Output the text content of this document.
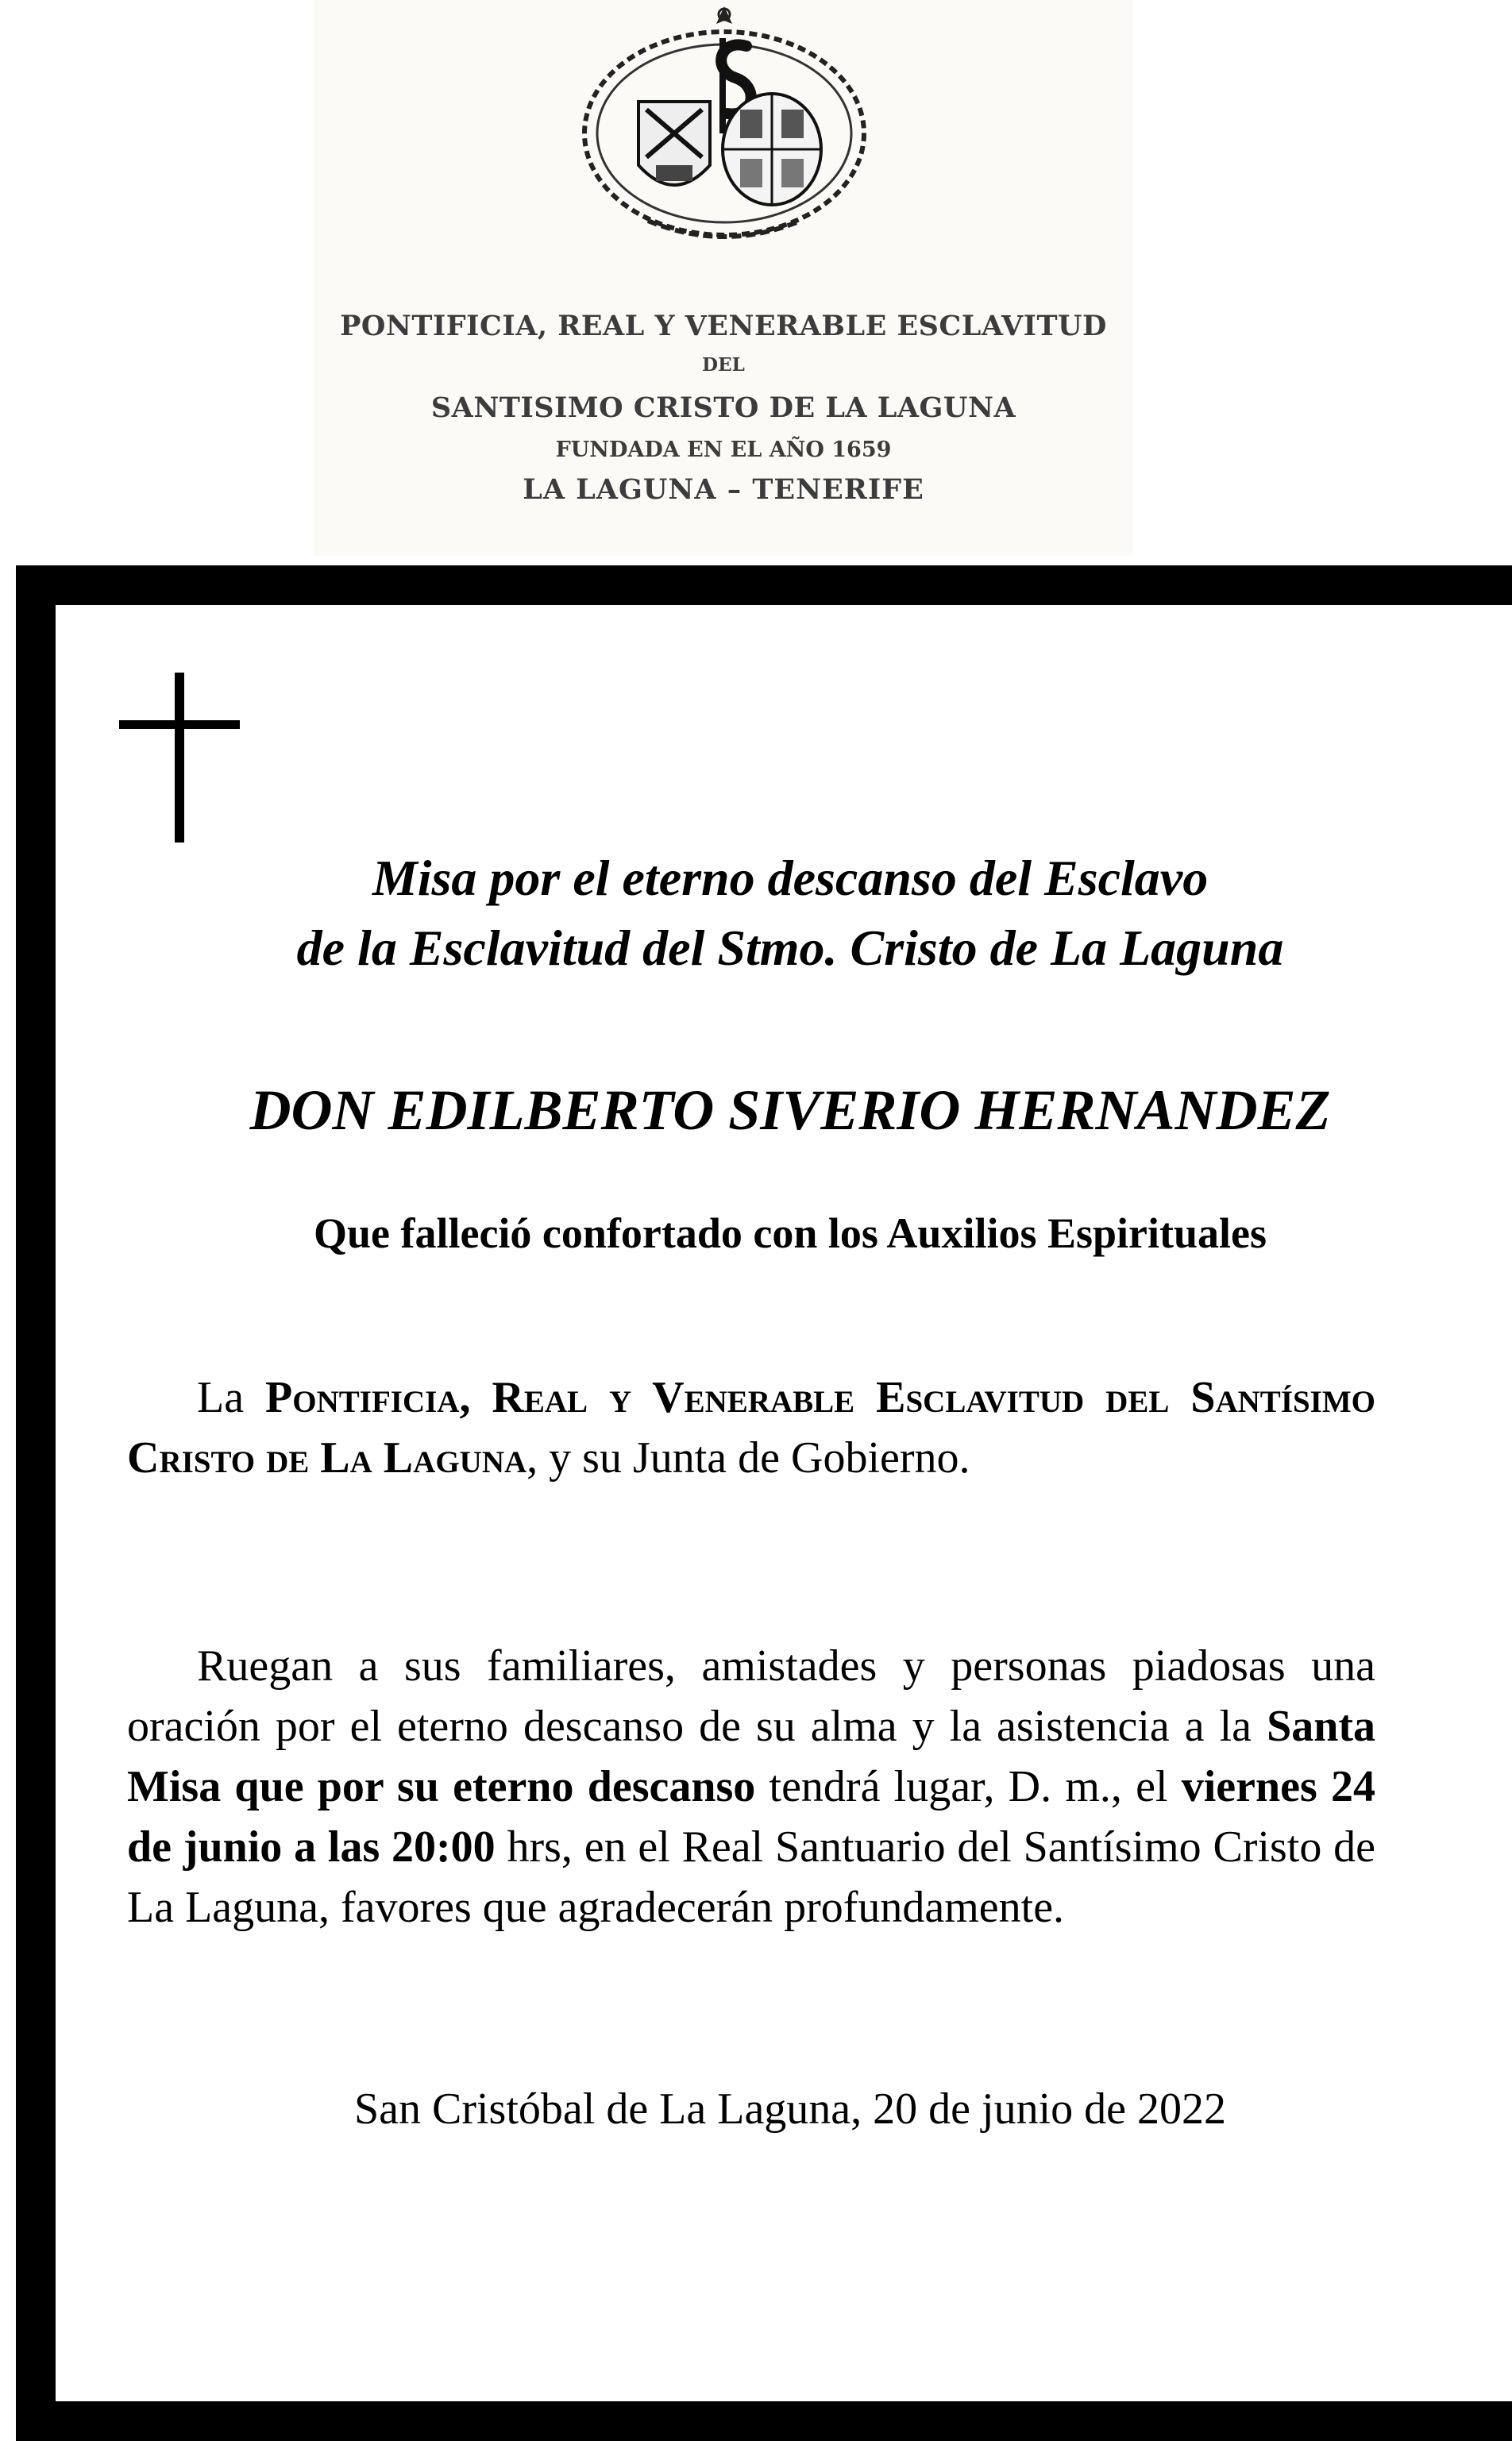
PONTIFICIA, REAL Y VENERABLE ESCLAVITUD
DEL
SANTISIMO CRISTO DE LA LAGUNA
FUNDADA EN EL AÑO 1659
LA LAGUNA – TENERIFE
Misa por el eterno descanso del Esclavo
de la Esclavitud del Stmo. Cristo de La Laguna
DON EDILBERTO SIVERIO HERNANDEZ
Que falleció confortado con los Auxilios Espirituales
La Pontificia, Real y Venerable Esclavitud del Santísimo Cristo de La Laguna, y su Junta de Gobierno.
Ruegan a sus familiares, amistades y personas piadosas una oración por el eterno descanso de su alma y la asistencia a la Santa Misa que por su eterno descanso tendrá lugar, D. m., el viernes 24 de junio a las 20:00 hrs, en el Real Santuario del Santísimo Cristo de La Laguna, favores que agradecerán profundamente.
San Cristóbal de La Laguna, 20 de junio de 2022
